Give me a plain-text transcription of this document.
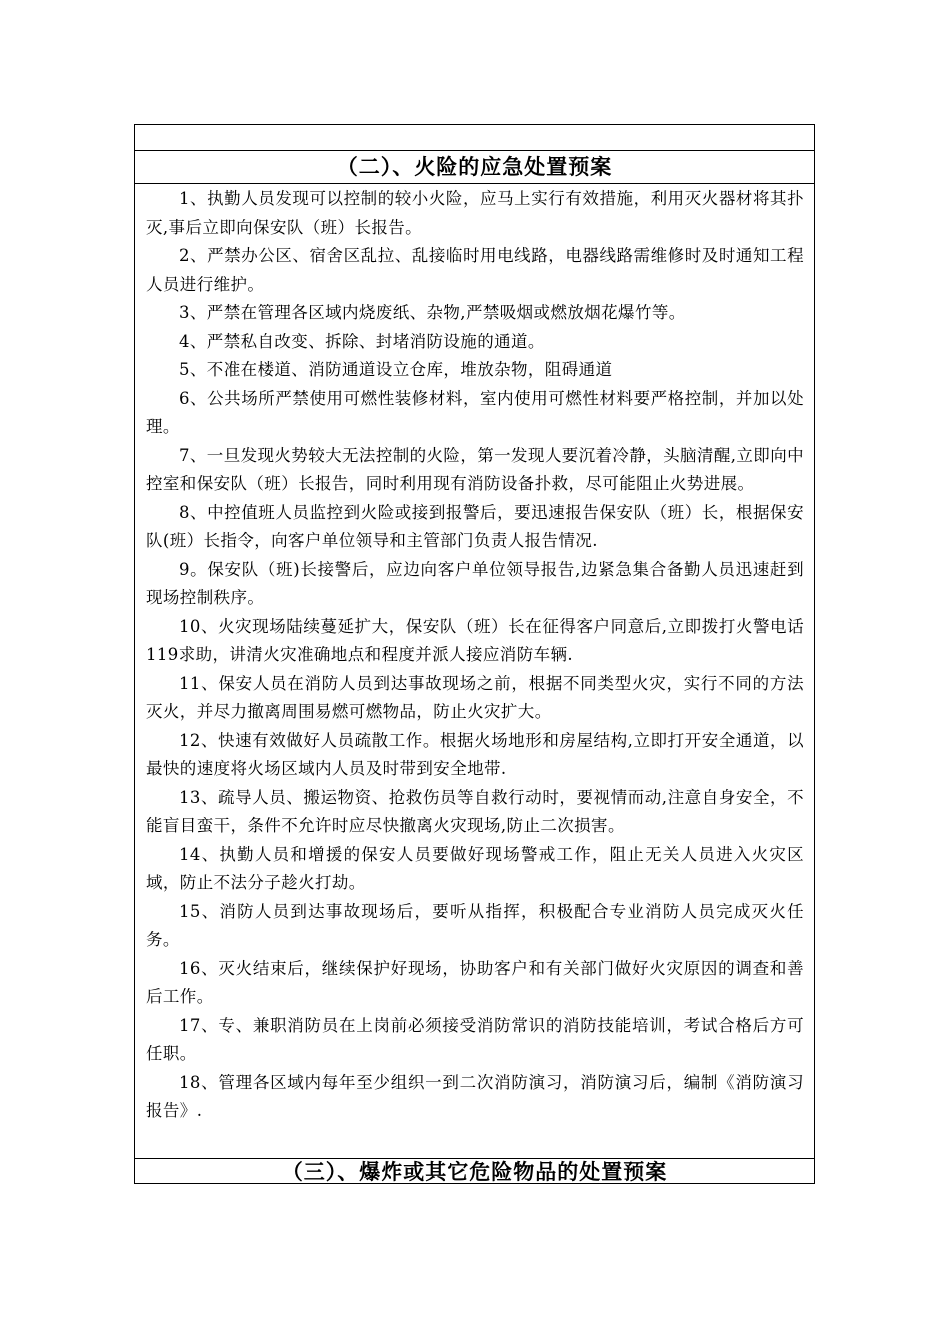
（二）、火险的应急处置预案

1、执勤人员发现可以控制的较小火险，应马上实行有效措施，利用灭火器材将其扑灭,事后立即向保安队（班）长报告。

2、严禁办公区、宿舍区乱拉、乱接临时用电线路，电器线路需维修时及时通知工程人员进行维护。

3、严禁在管理各区域内烧废纸、杂物,严禁吸烟或燃放烟花爆竹等。

4、严禁私自改变、拆除、封堵消防设施的通道。

5、不准在楼道、消防通道设立仓库，堆放杂物，阻碍通道

6、公共场所严禁使用可燃性装修材料，室内使用可燃性材料要严格控制，并加以处理。

7、一旦发现火势较大无法控制的火险，第一发现人要沉着冷静，头脑清醒,立即向中控室和保安队（班）长报告，同时利用现有消防设备扑救，尽可能阻止火势进展。

8、中控值班人员监控到火险或接到报警后，要迅速报告保安队（班）长，根据保安队(班）长指令，向客户单位领导和主管部门负责人报告情况.

9。保安队（班)长接警后，应边向客户单位领导报告,边紧急集合备勤人员迅速赶到现场控制秩序。

10、火灾现场陆续蔓延扩大，保安队（班）长在征得客户同意后,立即拨打火警电话119求助，讲清火灾准确地点和程度并派人接应消防车辆.

11、保安人员在消防人员到达事故现场之前，根据不同类型火灾，实行不同的方法灭火，并尽力撤离周围易燃可燃物品，防止火灾扩大。

12、快速有效做好人员疏散工作。根据火场地形和房屋结构,立即打开安全通道，以最快的速度将火场区域内人员及时带到安全地带.

13、疏导人员、搬运物资、抢救伤员等自救行动时，要视情而动,注意自身安全，不能盲目蛮干，条件不允许时应尽快撤离火灾现场,防止二次损害。

14、执勤人员和增援的保安人员要做好现场警戒工作，阻止无关人员进入火灾区域，防止不法分子趁火打劫。

15、消防人员到达事故现场后，要听从指挥，积极配合专业消防人员完成灭火任务。

16、灭火结束后，继续保护好现场，协助客户和有关部门做好火灾原因的调查和善后工作。

17、专、兼职消防员在上岗前必须接受消防常识的消防技能培训，考试合格后方可任职。

18、管理各区域内每年至少组织一到二次消防演习，消防演习后，编制《消防演习报告》.

（三）、爆炸或其它危险物品的处置预案
